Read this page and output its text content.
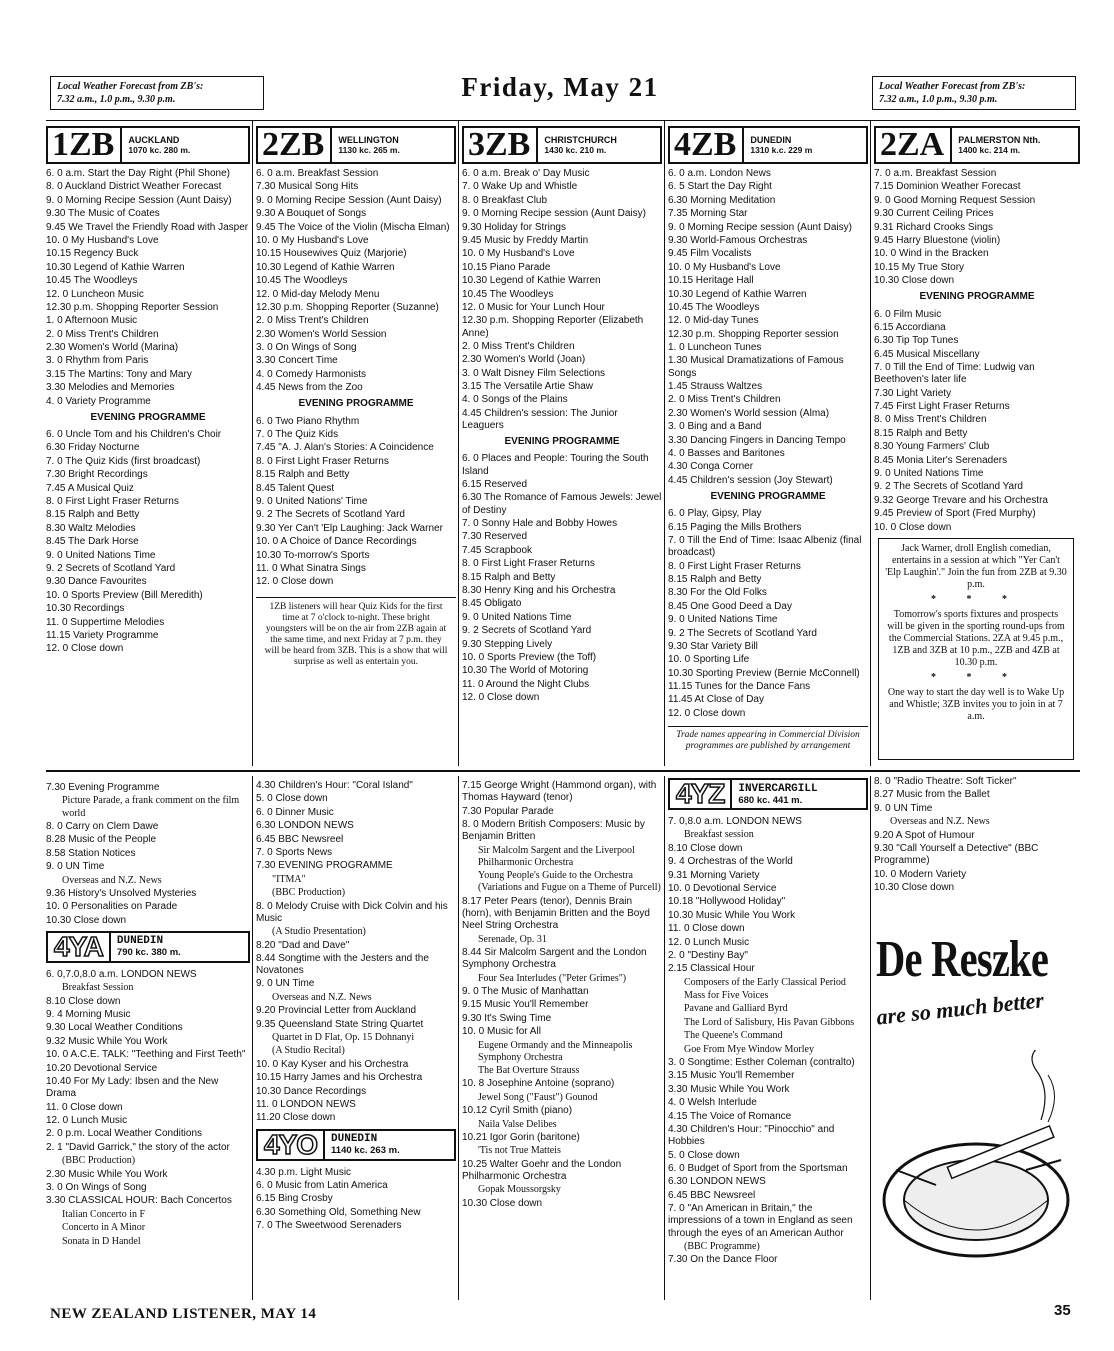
Local Weather Forecast from ZB's:
7.32 a.m., 1.0 p.m., 9.30 p.m.	Friday, May 21	Local Weather Forecast from ZB's:
7.32 a.m., 1.0 p.m., 9.30 p.m.
1ZB	AUCKLAND
1070 kc. 280 m.
6. 0 a.m. Start the Day Right (Phil Shone)
8. 0 Auckland District Weather Forecast
9. 0 Morning Recipe Session (Aunt Daisy)
9.30 The Music of Coates
9.45 We Travel the Friendly Road with Jasper
10. 0 My Husband's Love
10.15 Regency Buck
10.30 Legend of Kathie Warren
10.45 The Woodleys
12. 0 Luncheon Music
12.30 p.m. Shopping Reporter Session
1. 0 Afternoon Music
2. 0 Miss Trent's Children
2.30 Women's World (Marina)
3. 0 Rhythm from Paris
3.15 The Martins: Tony and Mary
3.30 Melodies and Memories
4. 0 Variety Programme
EVENING PROGRAMME
6. 0 Uncle Tom and his Children's Choir
6.30 Friday Nocturne
7. 0 The Quiz Kids (first broadcast)
7.30 Bright Recordings
7.45 A Musical Quiz
8. 0 First Light Fraser Returns
8.15 Ralph and Betty
8.30 Waltz Melodies
8.45 The Dark Horse
9. 0 United Nations Time
9. 2 Secrets of Scotland Yard
9.30 Dance Favourites
10. 0 Sports Preview (Bill Meredith)
10.30 Recordings
11. 0 Suppertime Melodies
11.15 Variety Programme
12. 0 Close down
2ZB	WELLINGTON
1130 kc. 265 m.
6. 0 a.m. Breakfast Session
7.30 Musical Song Hits
9. 0 Morning Recipe Session (Aunt Daisy)
9.30 A Bouquet of Songs
9.45 The Voice of the Violin (Mischa Elman)
10. 0 My Husband's Love
10.15 Housewives Quiz (Marjorie)
10.30 Legend of Kathie Warren
10.45 The Woodleys
12. 0 Mid-day Melody Menu
12.30 p.m. Shopping Reporter (Suzanne)
2. 0 Miss Trent's Children
2.30 Women's World Session
3. 0 On Wings of Song
3.30 Concert Time
4. 0 Comedy Harmonists
4.45 News from the Zoo
EVENING PROGRAMME
6. 0 Two Piano Rhythm
7. 0 The Quiz Kids
7.45 "A. J. Alan's Stories: A Coincidence
8. 0 First Light Fraser Returns
8.15 Ralph and Betty
8.45 Talent Quest
9. 0 United Nations' Time
9. 2 The Secrets of Scotland Yard
9.30 Yer Can't 'Elp Laughing: Jack Warner
10. 0 A Choice of Dance Recordings
10.30 To-morrow's Sports
11. 0 What Sinatra Sings
12. 0 Close down
1ZB listeners will hear Quiz Kids for the first time at 7 o'clock to-night. These bright youngsters will be on the air from 2ZB again at the same time, and next Friday at 7 p.m. they will be heard from 3ZB. This is a show that will surprise as well as entertain you.
3ZB	CHRISTCHURCH
1430 kc. 210 m.
6. 0 a.m. Break o' Day Music
7. 0 Wake Up and Whistle
8. 0 Breakfast Club
9. 0 Morning Recipe session (Aunt Daisy)
9.30 Holiday for Strings
9.45 Music by Freddy Martin
10. 0 My Husband's Love
10.15 Piano Parade
10.30 Legend of Kathie Warren
10.45 The Woodleys
12. 0 Music for Your Lunch Hour
12.30 p.m. Shopping Reporter (Elizabeth Anne)
2. 0 Miss Trent's Children
2.30 Women's World (Joan)
3. 0 Walt Disney Film Selections
3.15 The Versatile Artie Shaw
4. 0 Songs of the Plains
4.45 Children's session: The Junior Leaguers
EVENING PROGRAMME
6. 0 Places and People: Touring the South Island
6.15 Reserved
6.30 The Romance of Famous Jewels: Jewel of Destiny
7. 0 Sonny Hale and Bobby Howes
7.30 Reserved
7.45 Scrapbook
8. 0 First Light Fraser Returns
8.15 Ralph and Betty
8.30 Henry King and his Orchestra
8.45 Obligato
9. 0 United Nations Time
9. 2 Secrets of Scotland Yard
9.30 Stepping Lively
10. 0 Sports Preview (the Toff)
10.30 The World of Motoring
11. 0 Around the Night Clubs
12. 0 Close down
4ZB	DUNEDIN
1310 k.c. 229 m
6. 0 a.m. London News
6. 5 Start the Day Right
6.30 Morning Meditation
7.35 Morning Star
9. 0 Morning Recipe session (Aunt Daisy)
9.30 World-Famous Orchestras
9.45 Film Vocalists
10. 0 My Husband's Love
10.15 Heritage Hall
10.30 Legend of Kathie Warren
10.45 The Woodleys
12. 0 Mid-day Tunes
12.30 p.m. Shopping Reporter session
1. 0 Luncheon Tunes
1.30 Musical Dramatizations of Famous Songs
1.45 Strauss Waltzes
2. 0 Miss Trent's Children
2.30 Women's World session (Alma)
3. 0 Bing and a Band
3.30 Dancing Fingers in Dancing Tempo
4. 0 Basses and Baritones
4.30 Conga Corner
4.45 Children's session (Joy Stewart)
EVENING PROGRAMME
6. 0 Play, Gipsy, Play
6.15 Paging the Mills Brothers
7. 0 Till the End of Time: Isaac Albeniz (final broadcast)
8. 0 First Light Fraser Returns
8.15 Ralph and Betty
8.30 For the Old Folks
8.45 One Good Deed a Day
9. 0 United Nations Time
9. 2 The Secrets of Scotland Yard
9.30 Star Variety Bill
10. 0 Sporting Life
10.30 Sporting Preview (Bernie McConnell)
11.15 Tunes for the Dance Fans
11.45 At Close of Day
12. 0 Close down
Trade names appearing in Commercial Division programmes are published by arrangement
2ZA	PALMERSTON Nth.
1400 kc. 214 m.
7. 0 a.m. Breakfast Session
7.15 Dominion Weather Forecast
9. 0 Good Morning Request Session
9.30 Current Ceiling Prices
9.31 Richard Crooks Sings
9.45 Harry Bluestone (violin)
10. 0 Wind in the Bracken
10.15 My True Story
10.30 Close down
EVENING PROGRAMME
6. 0 Film Music
6.15 Accordiana
6.30 Tip Top Tunes
6.45 Musical Miscellany
7. 0 Till the End of Time: Ludwig van Beethoven's later life
7.30 Light Variety
7.45 First Light Fraser Returns
8. 0 Miss Trent's Children
8.15 Ralph and Betty
8.30 Young Farmers' Club
8.45 Monia Liter's Serenaders
9. 0 United Nations Time
9. 2 The Secrets of Scotland Yard
9.32 George Trevare and his Orchestra
9.45 Preview of Sport (Fred Murphy)
10. 0 Close down
Jack Warner, droll English comedian, entertains in a session at which "Yer Can't 'Elp Laughin'." Join the fun from 2ZB at 9.30 p.m.
* * *
Tomorrow's sports fixtures and prospects will be given in the sporting round-ups from the Commercial Stations. 2ZA at 9.45 p.m., 1ZB and 3ZB at 10 p.m., 2ZB and 4ZB at 10.30 p.m.
* * *
One way to start the day well is to Wake Up and Whistle; 3ZB invites you to join in at 7 a.m.
7.30 Evening Programme
Picture Parade, a frank comment on the film world
8. 0 Carry on Clem Dawe
8.28 Music of the People
8.58 Station Notices
9. 0 UN Time
Overseas and N.Z. News
9.36 History's Unsolved Mysteries
10. 0 Personalities on Parade
10.30 Close down
4YA	DUNEDIN
790 kc. 380 m.
6. 0,7.0,8.0 a.m. LONDON NEWS
Breakfast Session
8.10 Close down
9. 4 Morning Music
9.30 Local Weather Conditions
9.32 Music While You Work
10. 0 A.C.E. TALK: "Teething and First Teeth"
10.20 Devotional Service
10.40 For My Lady: Ibsen and the New Drama
11. 0 Close down
12. 0 Lunch Music
2. 0 p.m. Local Weather Conditions
2. 1 "David Garrick," the story of the actor
(BBC Production)
2.30 Music While You Work
3. 0 On Wings of Song
3.30 CLASSICAL HOUR: Bach Concertos
Italian Concerto in F
Concerto in A Minor
Sonata in D Handel
4.30 Children's Hour: "Coral Island"
5. 0 Close down
6. 0 Dinner Music
6.30 LONDON NEWS
6.45 BBC Newsreel
7. 0 Sports News
7.30 EVENING PROGRAMME
"ITMA"
(BBC Production)
8. 0 Melody Cruise with Dick Colvin and his Music
(A Studio Presentation)
8.20 "Dad and Dave"
8.44 Songtime with the Jesters and the Novatones
9. 0 UN Time
Overseas and N.Z. News
9.20 Provincial Letter from Auckland
9.35 Queensland State String Quartet
Quartet in D Flat, Op. 15 Dohnanyi
(A Studio Recital)
10. 0 Kay Kyser and his Orchestra
10.15 Harry James and his Orchestra
10.30 Dance Recordings
11. 0 LONDON NEWS
11.20 Close down
4YO	DUNEDIN
1140 kc. 263 m.
4.30 p.m. Light Music
6. 0 Music from Latin America
6.15 Bing Crosby
6.30 Something Old, Something New
7. 0 The Sweetwood Serenaders
7.15 George Wright (Hammond organ), with Thomas Hayward (tenor)
7.30 Popular Parade
8. 0 Modern British Composers: Music by Benjamin Britten
Sir Malcolm Sargent and the Liverpool Philharmonic Orchestra
Young People's Guide to the Orchestra (Variations and Fugue on a Theme of Purcell)
8.17 Peter Pears (tenor), Dennis Brain (horn), with Benjamin Britten and the Boyd Neel String Orchestra
Serenade, Op. 31
8.44 Sir Malcolm Sargent and the London Symphony Orchestra
Four Sea Interludes ("Peter Grimes")
9. 0 The Music of Manhattan
9.15 Music You'll Remember
9.30 It's Swing Time
10. 0 Music for All
Eugene Ormandy and the Minneapolis Symphony Orchestra
The Bat Overture Strauss
10. 8 Josephine Antoine (soprano)
Jewel Song ("Faust") Gounod
10.12 Cyril Smith (piano)
Naila Valse Delibes
10.21 Igor Gorin (baritone)
'Tis not True Matteis
10.25 Walter Goehr and the London Philharmonic Orchestra
Gopak Moussorgsky
10.30 Close down
4YZ	INVERCARGILL
680 kc. 441 m.
7. 0,8.0 a.m. LONDON NEWS
Breakfast session
8.10 Close down
9. 4 Orchestras of the World
9.31 Morning Variety
10. 0 Devotional Service
10.18 "Hollywood Holiday"
10.30 Music While You Work
11. 0 Close down
12. 0 Lunch Music
2. 0 "Destiny Bay"
2.15 Classical Hour
Composers of the Early Classical Period
Mass for Five Voices
Pavane and Galliard Byrd
The Lord of Salisbury, His Pavan Gibbons
The Queene's Command
Goe From Mye Window Morley
3. 0 Songtime: Esther Coleman (contralto)
3.15 Music You'll Remember
3.30 Music While You Work
4. 0 Welsh Interlude
4.15 The Voice of Romance
4.30 Children's Hour: "Pinocchio" and Hobbies
5. 0 Close down
6. 0 Budget of Sport from the Sportsman
6.30 LONDON NEWS
6.45 BBC Newsreel
7. 0 "An American in Britain," the impressions of a town in England as seen through the eyes of an American Author
(BBC Programme)
7.30 On the Dance Floor
8. 0 "Radio Theatre: Soft Ticker"
8.27 Music from the Ballet
9. 0 UN Time
Overseas and N.Z. News
9.20 A Spot of Humour
9.30 "Call Yourself a Detective" (BBC Programme)
10. 0 Modern Variety
10.30 Close down
De Reszke
are so much better
NEW ZEALAND LISTENER, MAY 14	35
